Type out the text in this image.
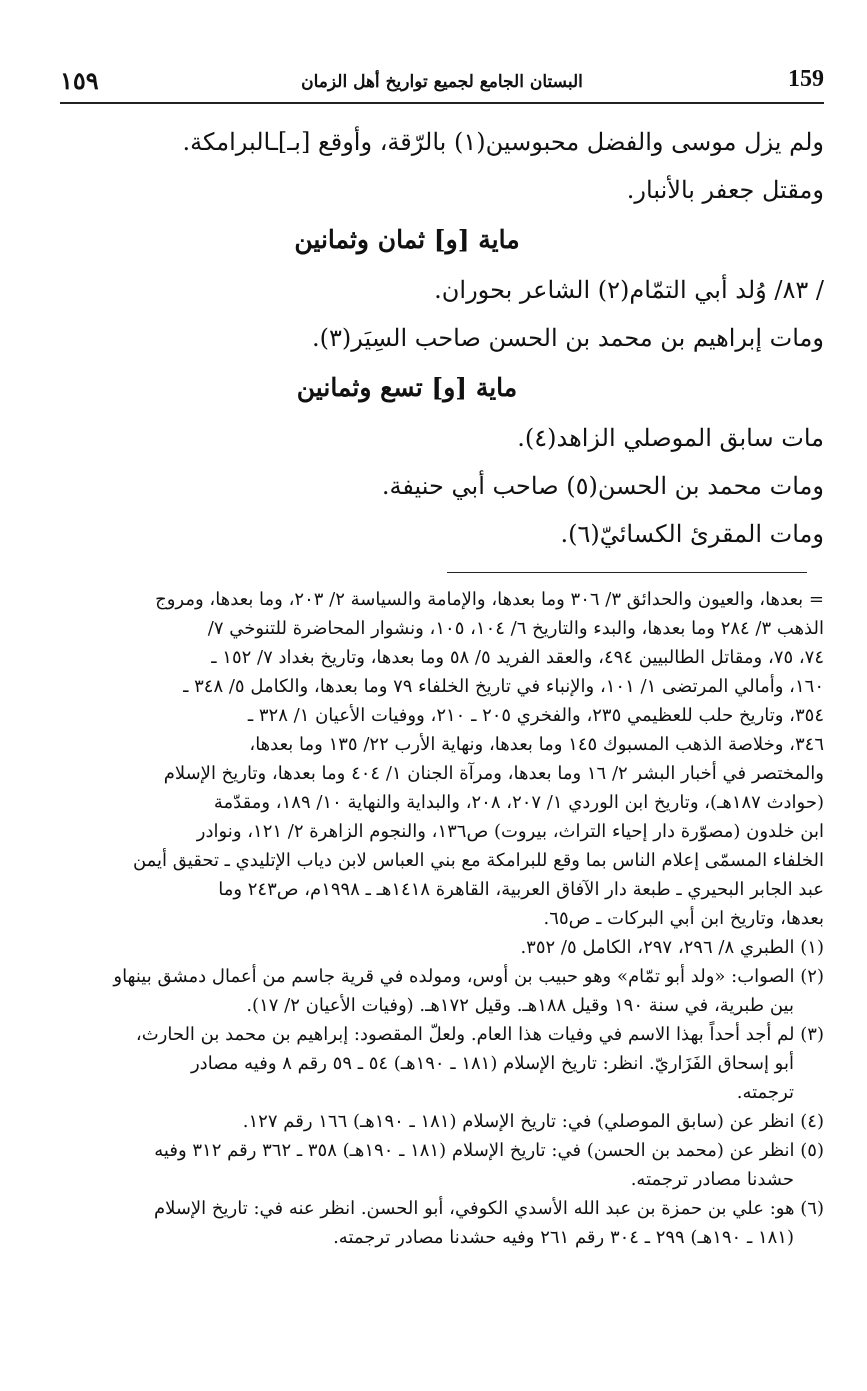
١٥٩	البستان الجامع لجميع تواريخ أهل الزمان	159
ولم يزل موسى والفضل محبوسين(١) بالرّقة، وأوقع [بـ]ـالبرامكة.
ومقتل جعفر بالأنبار.
ماية [و] ثمان وثمانين
/ ٨٣/ وُلد أبي التمّام(٢) الشاعر بحوران.
ومات إبراهيم بن محمد بن الحسن صاحب السِيَر(٣).
ماية [و] تسع وثمانين
مات سابق الموصلي الزاهد(٤).
ومات محمد بن الحسن(٥) صاحب أبي حنيفة.
ومات المقرئ الكسائيّ(٦).
= بعدها، والعيون والحدائق ٣/ ٣٠٦ وما بعدها، والإمامة والسياسة ٢/ ٢٠٣، وما بعدها، ومروج
الذهب ٣/ ٢٨٤ وما بعدها، والبدء والتاريخ ٦/ ١٠٤، ١٠٥، ونشوار المحاضرة للتنوخي ٧/
٧٤، ٧٥، ومقاتل الطالبيين ٤٩٤، والعقد الفريد ٥/ ٥٨ وما بعدها، وتاريخ بغداد ٧/ ١٥٢ ـ
١٦٠، وأمالي المرتضى ١/ ١٠١، والإنباء في تاريخ الخلفاء ٧٩ وما بعدها، والكامل ٥/ ٣٤٨ ـ
٣٥٤، وتاريخ حلب للعظيمي ٢٣٥، والفخري ٢٠٥ ـ ٢١٠، ووفيات الأعيان ١/ ٣٢٨ ـ
٣٤٦، وخلاصة الذهب المسبوك ١٤٥ وما بعدها، ونهاية الأرب ٢٢/ ١٣٥ وما بعدها،
والمختصر في أخبار البشر ٢/ ١٦ وما بعدها، ومرآة الجنان ١/ ٤٠٤ وما بعدها، وتاريخ الإسلام
(حوادث ١٨٧هـ)، وتاريخ ابن الوردي ١/ ٢٠٧، ٢٠٨، والبداية والنهاية ١٠/ ١٨٩، ومقدّمة
ابن خلدون (مصوّرة دار إحياء التراث، بيروت) ص١٣٦، والنجوم الزاهرة ٢/ ١٢١، ونوادر
الخلفاء المسمّى إعلام الناس بما وقع للبرامكة مع بني العباس لابن دياب الإتليدي ـ تحقيق أيمن
عبد الجابر البحيري ـ طبعة دار الآفاق العربية، القاهرة ١٤١٨هـ ـ ١٩٩٨م، ص٢٤٣ وما
بعدها، وتاريخ ابن أبي البركات ـ ص٦٥.
(١) الطبري ٨/ ٢٩٦، ٢٩٧، الكامل ٥/ ٣٥٢.
(٢) الصواب: «ولد أبو تمّام» وهو حبيب بن أوس، ومولده في قرية جاسم من أعمال دمشق بينهاو
بين طبرية، في سنة ١٩٠ وقيل ١٨٨هـ. وقيل ١٧٢هـ. (وفيات الأعيان ٢/ ١٧).
(٣) لم أجد أحداً بهذا الاسم في وفيات هذا العام. ولعلّ المقصود: إبراهيم بن محمد بن الحارث،
أبو إسحاق الفَزَاريّ. انظر: تاريخ الإسلام (١٨١ ـ ١٩٠هـ) ٥٤ ـ ٥٩ رقم ٨ وفيه مصادر
ترجمته.
(٤) انظر عن (سابق الموصلي) في: تاريخ الإسلام (١٨١ ـ ١٩٠هـ) ١٦٦ رقم ١٢٧.
(٥) انظر عن (محمد بن الحسن) في: تاريخ الإسلام (١٨١ ـ ١٩٠هـ) ٣٥٨ ـ ٣٦٢ رقم ٣١٢ وفيه
حشدنا مصادر ترجمته.
(٦) هو: علي بن حمزة بن عبد الله الأسدي الكوفي، أبو الحسن. انظر عنه في: تاريخ الإسلام
(١٨١ ـ ١٩٠هـ) ٢٩٩ ـ ٣٠٤ رقم ٢٦١ وفيه حشدنا مصادر ترجمته.
